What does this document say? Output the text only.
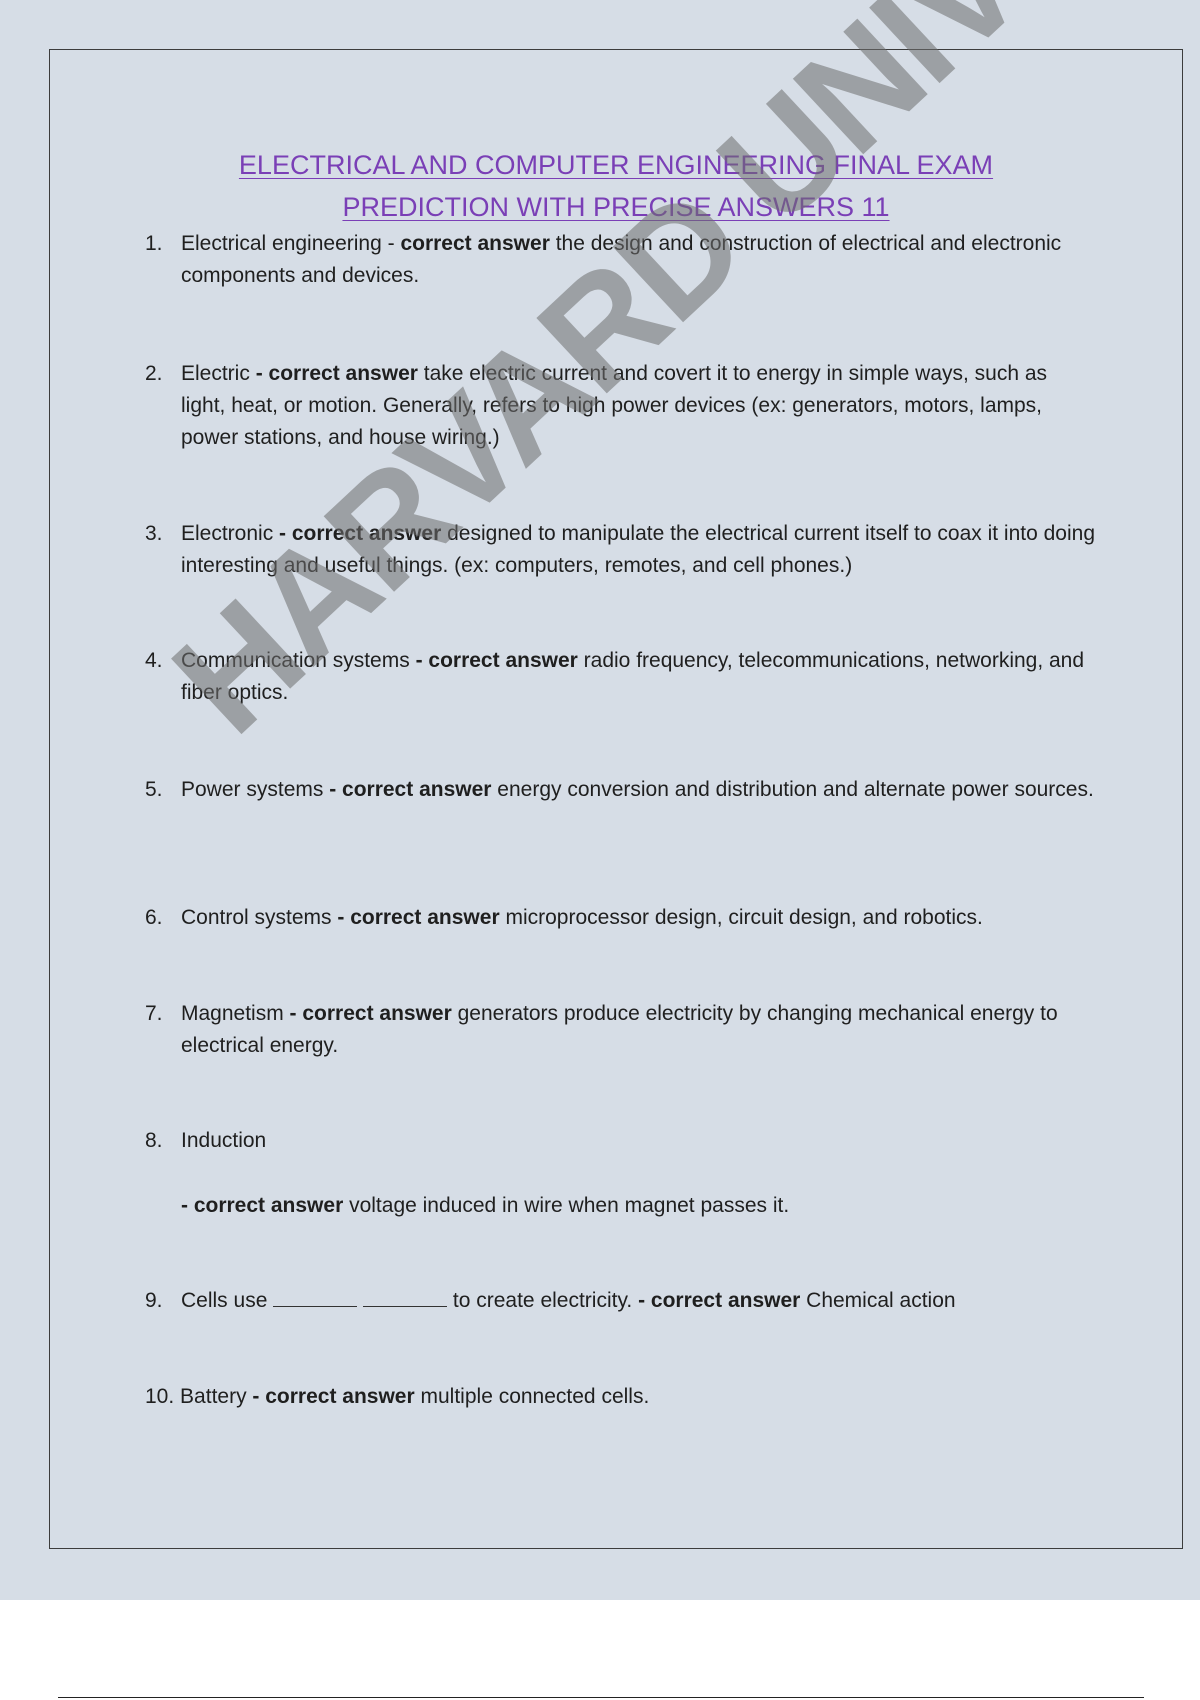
ELECTRICAL AND COMPUTER ENGINEERING FINAL EXAM
PREDICTION WITH PRECISE ANSWERS 11
1. Electrical engineering - correct answer the design and construction of electrical and electronic components and devices.
2. Electric - correct answer take electric current and covert it to energy in simple ways, such as light, heat, or motion. Generally, refers to high power devices (ex: generators, motors, lamps, power stations, and house wiring.)
3. Electronic - correct answer designed to manipulate the electrical current itself to coax it into doing interesting and useful things. (ex: computers, remotes, and cell phones.)
4. Communication systems - correct answer radio frequency, telecommunications, networking, and fiber optics.
5. Power systems - correct answer energy conversion and distribution and alternate power sources.
6. Control systems - correct answer microprocessor design, circuit design, and robotics.
7. Magnetism - correct answer generators produce electricity by changing mechanical energy to electrical energy.
8. Induction
- correct answer voltage induced in wire when magnet passes it.
9. Cells use	to create electricity. - correct answer Chemical action
10. Battery - correct answer multiple connected cells.
